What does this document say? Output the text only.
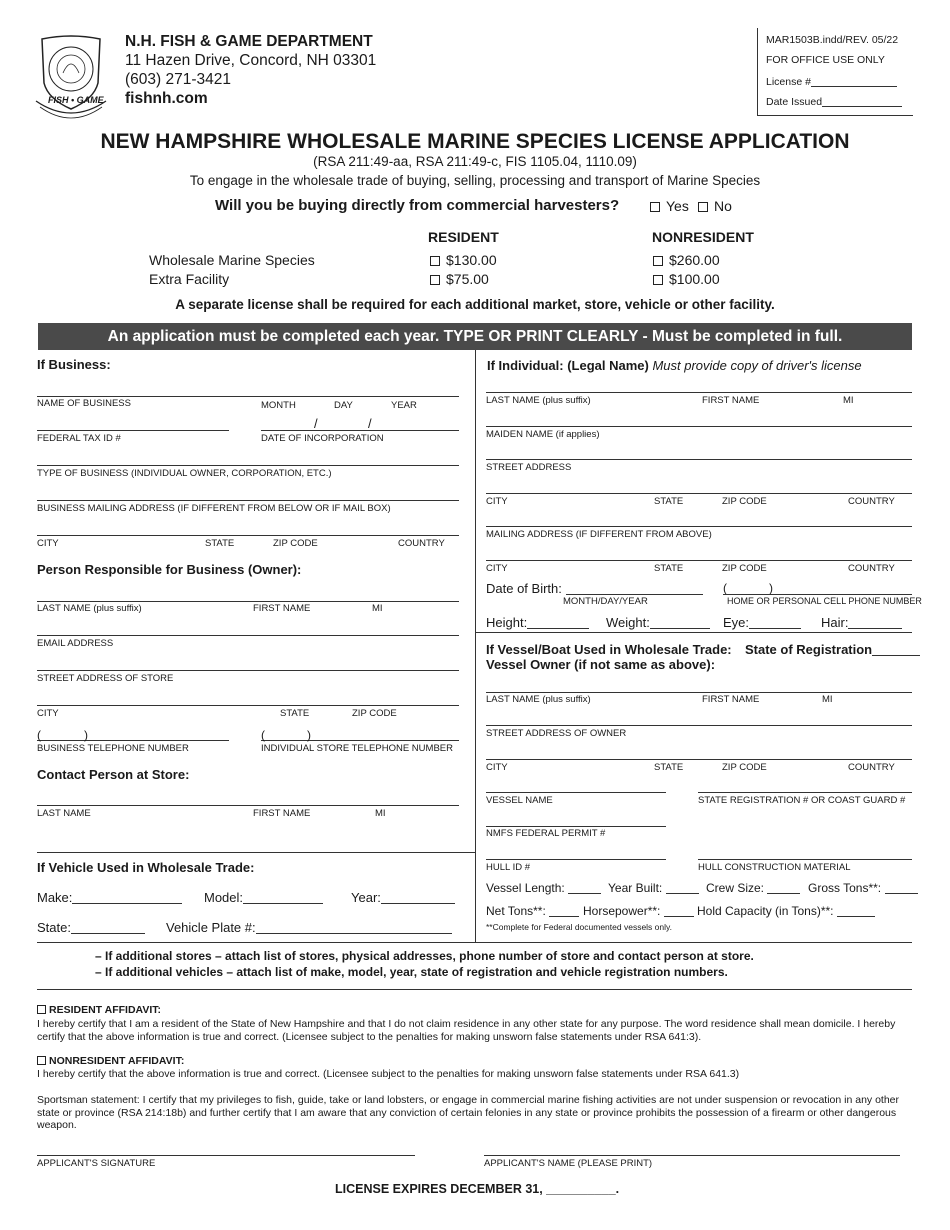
FISH • GAME
N.H. FISH & GAME DEPARTMENT
11 Hazen Drive, Concord, NH 03301
(603) 271-3421
fishnh.com
MAR1503B.indd/REV. 05/22
FOR OFFICE USE ONLY
License #
Date Issued
NEW HAMPSHIRE WHOLESALE MARINE SPECIES LICENSE APPLICATION
(RSA 211:49-aa, RSA 211:49-c, FIS 1105.04, 1110.09)
To engage in the wholesale trade of buying, selling, processing and transport of Marine Species
Will you be buying directly from commercial harvesters?	Yes	No
RESIDENT	NONRESIDENT
Wholesale Marine Species	$130.00	$260.00
Extra Facility	$75.00	$100.00
A separate license shall be required for each additional market, store, vehicle or other facility.
An application must be completed each year. TYPE OR PRINT CLEARLY - Must be completed in full.
If Business:
NAME OF BUSINESS	MONTH	DAY	YEAR
/	/
FEDERAL TAX ID #	DATE OF INCORPORATION
TYPE OF BUSINESS (INDIVIDUAL OWNER, CORPORATION, ETC.)
BUSINESS MAILING ADDRESS (IF DIFFERENT FROM BELOW OR IF MAIL BOX)
CITY	STATE	ZIP CODE	COUNTRY
Person Responsible for Business (Owner):
LAST NAME (plus suffix)	FIRST NAME	MI
EMAIL ADDRESS
STREET ADDRESS OF STORE
CITY	STATE	ZIP CODE
(	)	(	)
BUSINESS TELEPHONE NUMBER	INDIVIDUAL STORE TELEPHONE NUMBER
Contact Person at Store:
LAST NAME	FIRST NAME	MI
If Vehicle Used in Wholesale Trade:
Make:	Model:	Year:
State:	Vehicle Plate #:
If Individual: (Legal Name) Must provide copy of driver's license
LAST NAME (plus suffix)	FIRST NAME	MI
MAIDEN NAME (if applies)
STREET ADDRESS
CITY	STATE	ZIP CODE	COUNTRY
MAILING ADDRESS (IF DIFFERENT FROM ABOVE)
CITY	STATE	ZIP CODE	COUNTRY
Date of Birth:
MONTH/DAY/YEAR
(	)
HOME OR PERSONAL CELL PHONE NUMBER
Height:	Weight:	Eye:	Hair:
If Vessel/Boat Used in Wholesale Trade: State of Registration
Vessel Owner (if not same as above):
LAST NAME (plus suffix)	FIRST NAME	MI
STREET ADDRESS OF OWNER
CITY	STATE	ZIP CODE	COUNTRY
VESSEL NAME	STATE REGISTRATION # OR COAST GUARD #
NMFS FEDERAL PERMIT #
HULL ID #	HULL CONSTRUCTION MATERIAL
Vessel Length:	Year Built:	Crew Size:	Gross Tons**:
Net Tons**:	Horsepower**:	Hold Capacity (in Tons)**:
**Complete for Federal documented vessels only.
– If additional stores – attach list of stores, physical addresses, phone number of store and contact person at store.
– If additional vehicles – attach list of make, model, year, state of registration and vehicle registration numbers.
RESIDENT AFFIDAVIT:
I hereby certify that I am a resident of the State of New Hampshire and that I do not claim residence in any other state for any purpose. The word residence shall mean domicile. I hereby certify that the above information is true and correct. (Licensee subject to the penalties for making unsworn false statements under RSA 641:3).
NONRESIDENT AFFIDAVIT:
I hereby certify that the above information is true and correct. (Licensee subject to the penalties for making unsworn false statements under RSA 641.3)
Sportsman statement: I certify that my privileges to fish, guide, take or land lobsters, or engage in commercial marine fishing activities are not under suspension or revocation in any other state or province (RSA 214:18b) and further certify that I am aware that any conviction of certain felonies in any state or province prohibits the possession of a firearm or other dangerous weapon.
APPLICANT'S SIGNATURE	APPLICANT'S NAME (PLEASE PRINT)
LICENSE EXPIRES DECEMBER 31, __________.
